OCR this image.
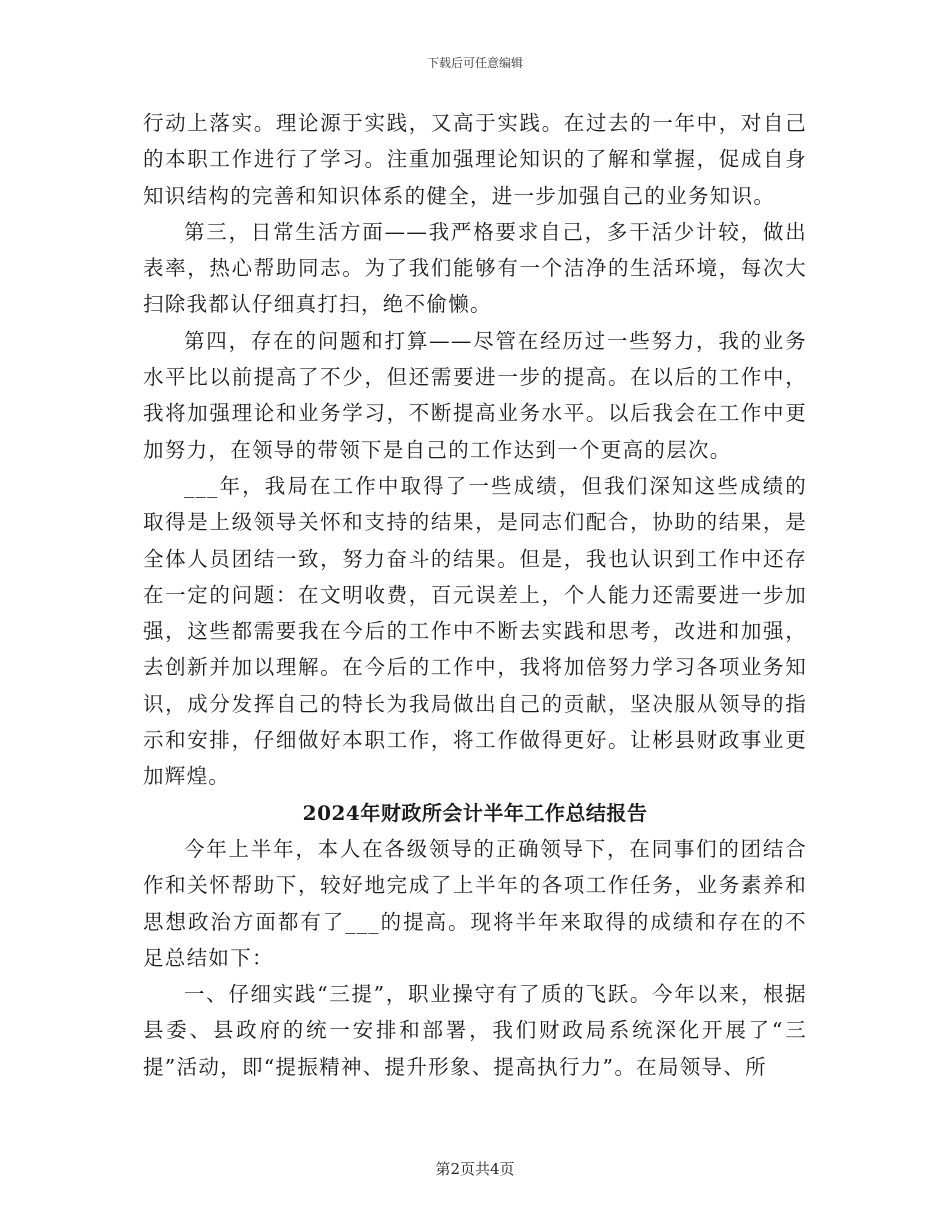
下载后可任意编辑

行动上落实。理论源于实践，又高于实践。在过去的一年中，对自己的本职工作进行了学习。注重加强理论知识的了解和掌握，促成自身知识结构的完善和知识体系的健全，进一步加强自己的业务知识。

第三，日常生活方面——我严格要求自己，多干活少计较，做出表率，热心帮助同志。为了我们能够有一个洁净的生活环境，每次大扫除我都认仔细真打扫，绝不偷懒。

第四，存在的问题和打算——尽管在经历过一些努力，我的业务水平比以前提高了不少，但还需要进一步的提高。在以后的工作中，我将加强理论和业务学习，不断提高业务水平。以后我会在工作中更加努力，在领导的带领下是自己的工作达到一个更高的层次。

___年，我局在工作中取得了一些成绩，但我们深知这些成绩的取得是上级领导关怀和支持的结果，是同志们配合，协助的结果，是全体人员团结一致，努力奋斗的结果。但是，我也认识到工作中还存在一定的问题：在文明收费，百元误差上，个人能力还需要进一步加强，这些都需要我在今后的工作中不断去实践和思考，改进和加强，去创新并加以理解。在今后的工作中，我将加倍努力学习各项业务知识，成分发挥自己的特长为我局做出自己的贡献，坚决服从领导的指示和安排，仔细做好本职工作，将工作做得更好。让彬县财政事业更加辉煌。

2024年财政所会计半年工作总结报告

今年上半年，本人在各级领导的正确领导下，在同事们的团结合作和关怀帮助下，较好地完成了上半年的各项工作任务，业务素养和思想政治方面都有了___的提高。现将半年来取得的成绩和存在的不足总结如下：

一、仔细实践“三提”，职业操守有了质的飞跃。今年以来，根据县委、县政府的统一安排和部署，我们财政局系统深化开展了“三提”活动，即“提振精神、提升形象、提高执行力”。在局领导、所

第2页共4页
